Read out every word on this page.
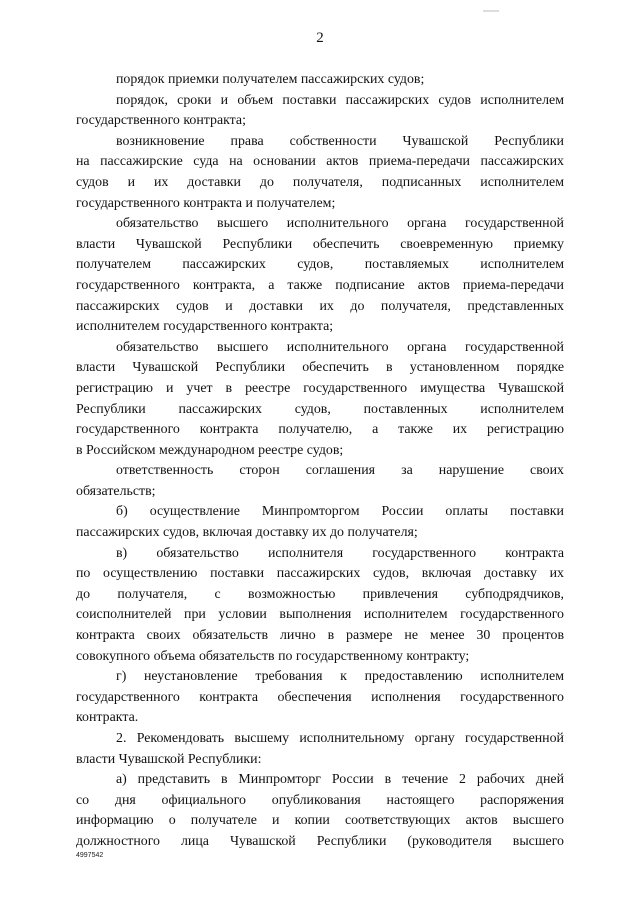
2
порядок приемки получателем пассажирских судов;
порядок, сроки и объем поставки пассажирских судов исполнителем
государственного контракта;
возникновение права собственности Чувашской Республики
на пассажирские суда на основании актов приема-передачи пассажирских
судов и их доставки до получателя, подписанных исполнителем
государственного контракта и получателем;
обязательство высшего исполнительного органа государственной
власти Чувашской Республики обеспечить своевременную приемку
получателем пассажирских судов, поставляемых исполнителем
государственного контракта, а также подписание актов приема-передачи
пассажирских судов и доставки их до получателя, представленных
исполнителем государственного контракта;
обязательство высшего исполнительного органа государственной
власти Чувашской Республики обеспечить в установленном порядке
регистрацию и учет в реестре государственного имущества Чувашской
Республики пассажирских судов, поставленных исполнителем
государственного контракта получателю, а также их регистрацию
в Российском международном реестре судов;
ответственность сторон соглашения за нарушение своих
обязательств;
б) осуществление Минпромторгом России оплаты поставки
пассажирских судов, включая доставку их до получателя;
в) обязательство исполнителя государственного контракта
по осуществлению поставки пассажирских судов, включая доставку их
до получателя, с возможностью привлечения субподрядчиков,
соисполнителей при условии выполнения исполнителем государственного
контракта своих обязательств лично в размере не менее 30 процентов
совокупного объема обязательств по государственному контракту;
г) неустановление требования к предоставлению исполнителем
государственного контракта обеспечения исполнения государственного
контракта.
2. Рекомендовать высшему исполнительному органу государственной
власти Чувашской Республики:
а) представить в Минпромторг России в течение 2 рабочих дней
со дня официального опубликования настоящего распоряжения
информацию о получателе и копии соответствующих актов высшего
должностного лица Чувашской Республики (руководителя высшего
4997542
